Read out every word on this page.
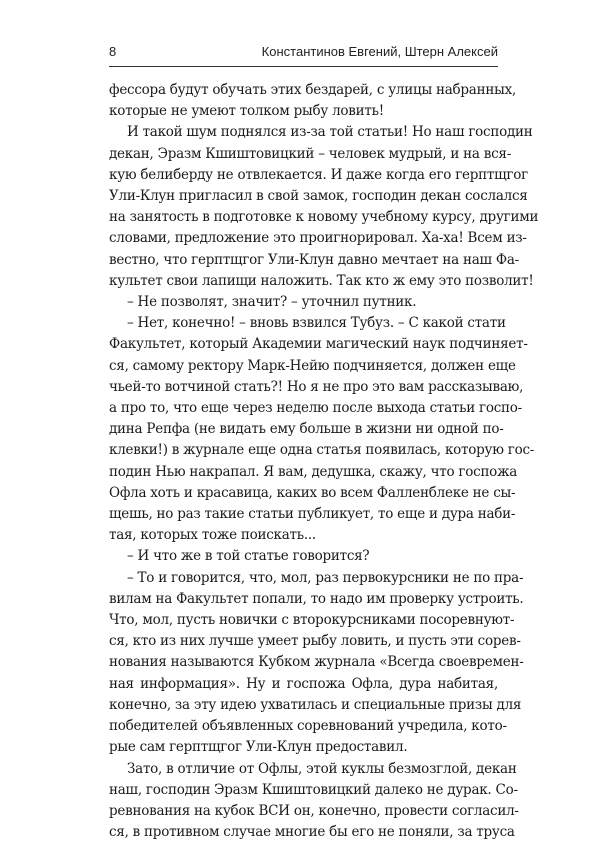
8	Константинов Евгений, Штерн Алексей
фессора будут обучать этих бездарей, с улицы набранных,
которые не умеют толком рыбу ловить!
И такой шум поднялся из-за той статьи! Но наш господин
декан, Эразм Кшиштовицкий – человек мудрый, и на вся-
кую белиберду не отвлекается. И даже когда его герптщгог
Ули-Клун пригласил в свой замок, господин декан сослался
на занятость в подготовке к новому учебному курсу, другими
словами, предложение это проигнорировал. Ха-ха! Всем из-
вестно, что герптщгог Ули-Клун давно мечтает на наш Фа-
культет свои лапищи наложить. Так кто ж ему это позволит!
– Не позволят, значит? – уточнил путник.
– Нет, конечно! – вновь взвился Тубуз. – С какой стати
Факультет, который Академии магический наук подчиняет-
ся, самому ректору Марк-Нейю подчиняется, должен еще
чьей-то вотчиной стать?! Но я не про это вам рассказываю,
а про то, что еще через неделю после выхода статьи госпо-
дина Репфа (не видать ему больше в жизни ни одной по-
клевки!) в журнале еще одна статья появилась, которую гос-
подин Нью накрапал. Я вам, дедушка, скажу, что госпожа
Офла хоть и красавица, каких во всем Фалленблеке не сы-
щешь, но раз такие статьи публикует, то еще и дура наби-
тая, которых тоже поискать...
– И что же в той статье говорится?
– То и говорится, что, мол, раз первокурсники не по пра-
вилам на Факультет попали, то надо им проверку устроить.
Что, мол, пусть новички с второкурсниками посоревнуют-
ся, кто из них лучше умеет рыбу ловить, и пусть эти сорев-
нования называются Кубком журнала «Всегда своевремен-
ная информация». Ну и госпожа Офла, дура набитая,
конечно, за эту идею ухватилась и специальные призы для
победителей объявленных соревнований учредила, кото-
рые сам герптщгог Ули-Клун предоставил.
Зато, в отличие от Офлы, этой куклы безмозглой, декан
наш, господин Эразм Кшиштовицкий далеко не дурак. Со-
ревнования на кубок ВСИ он, конечно, провести согласил-
ся, в противном случае многие бы его не поняли, за труса
